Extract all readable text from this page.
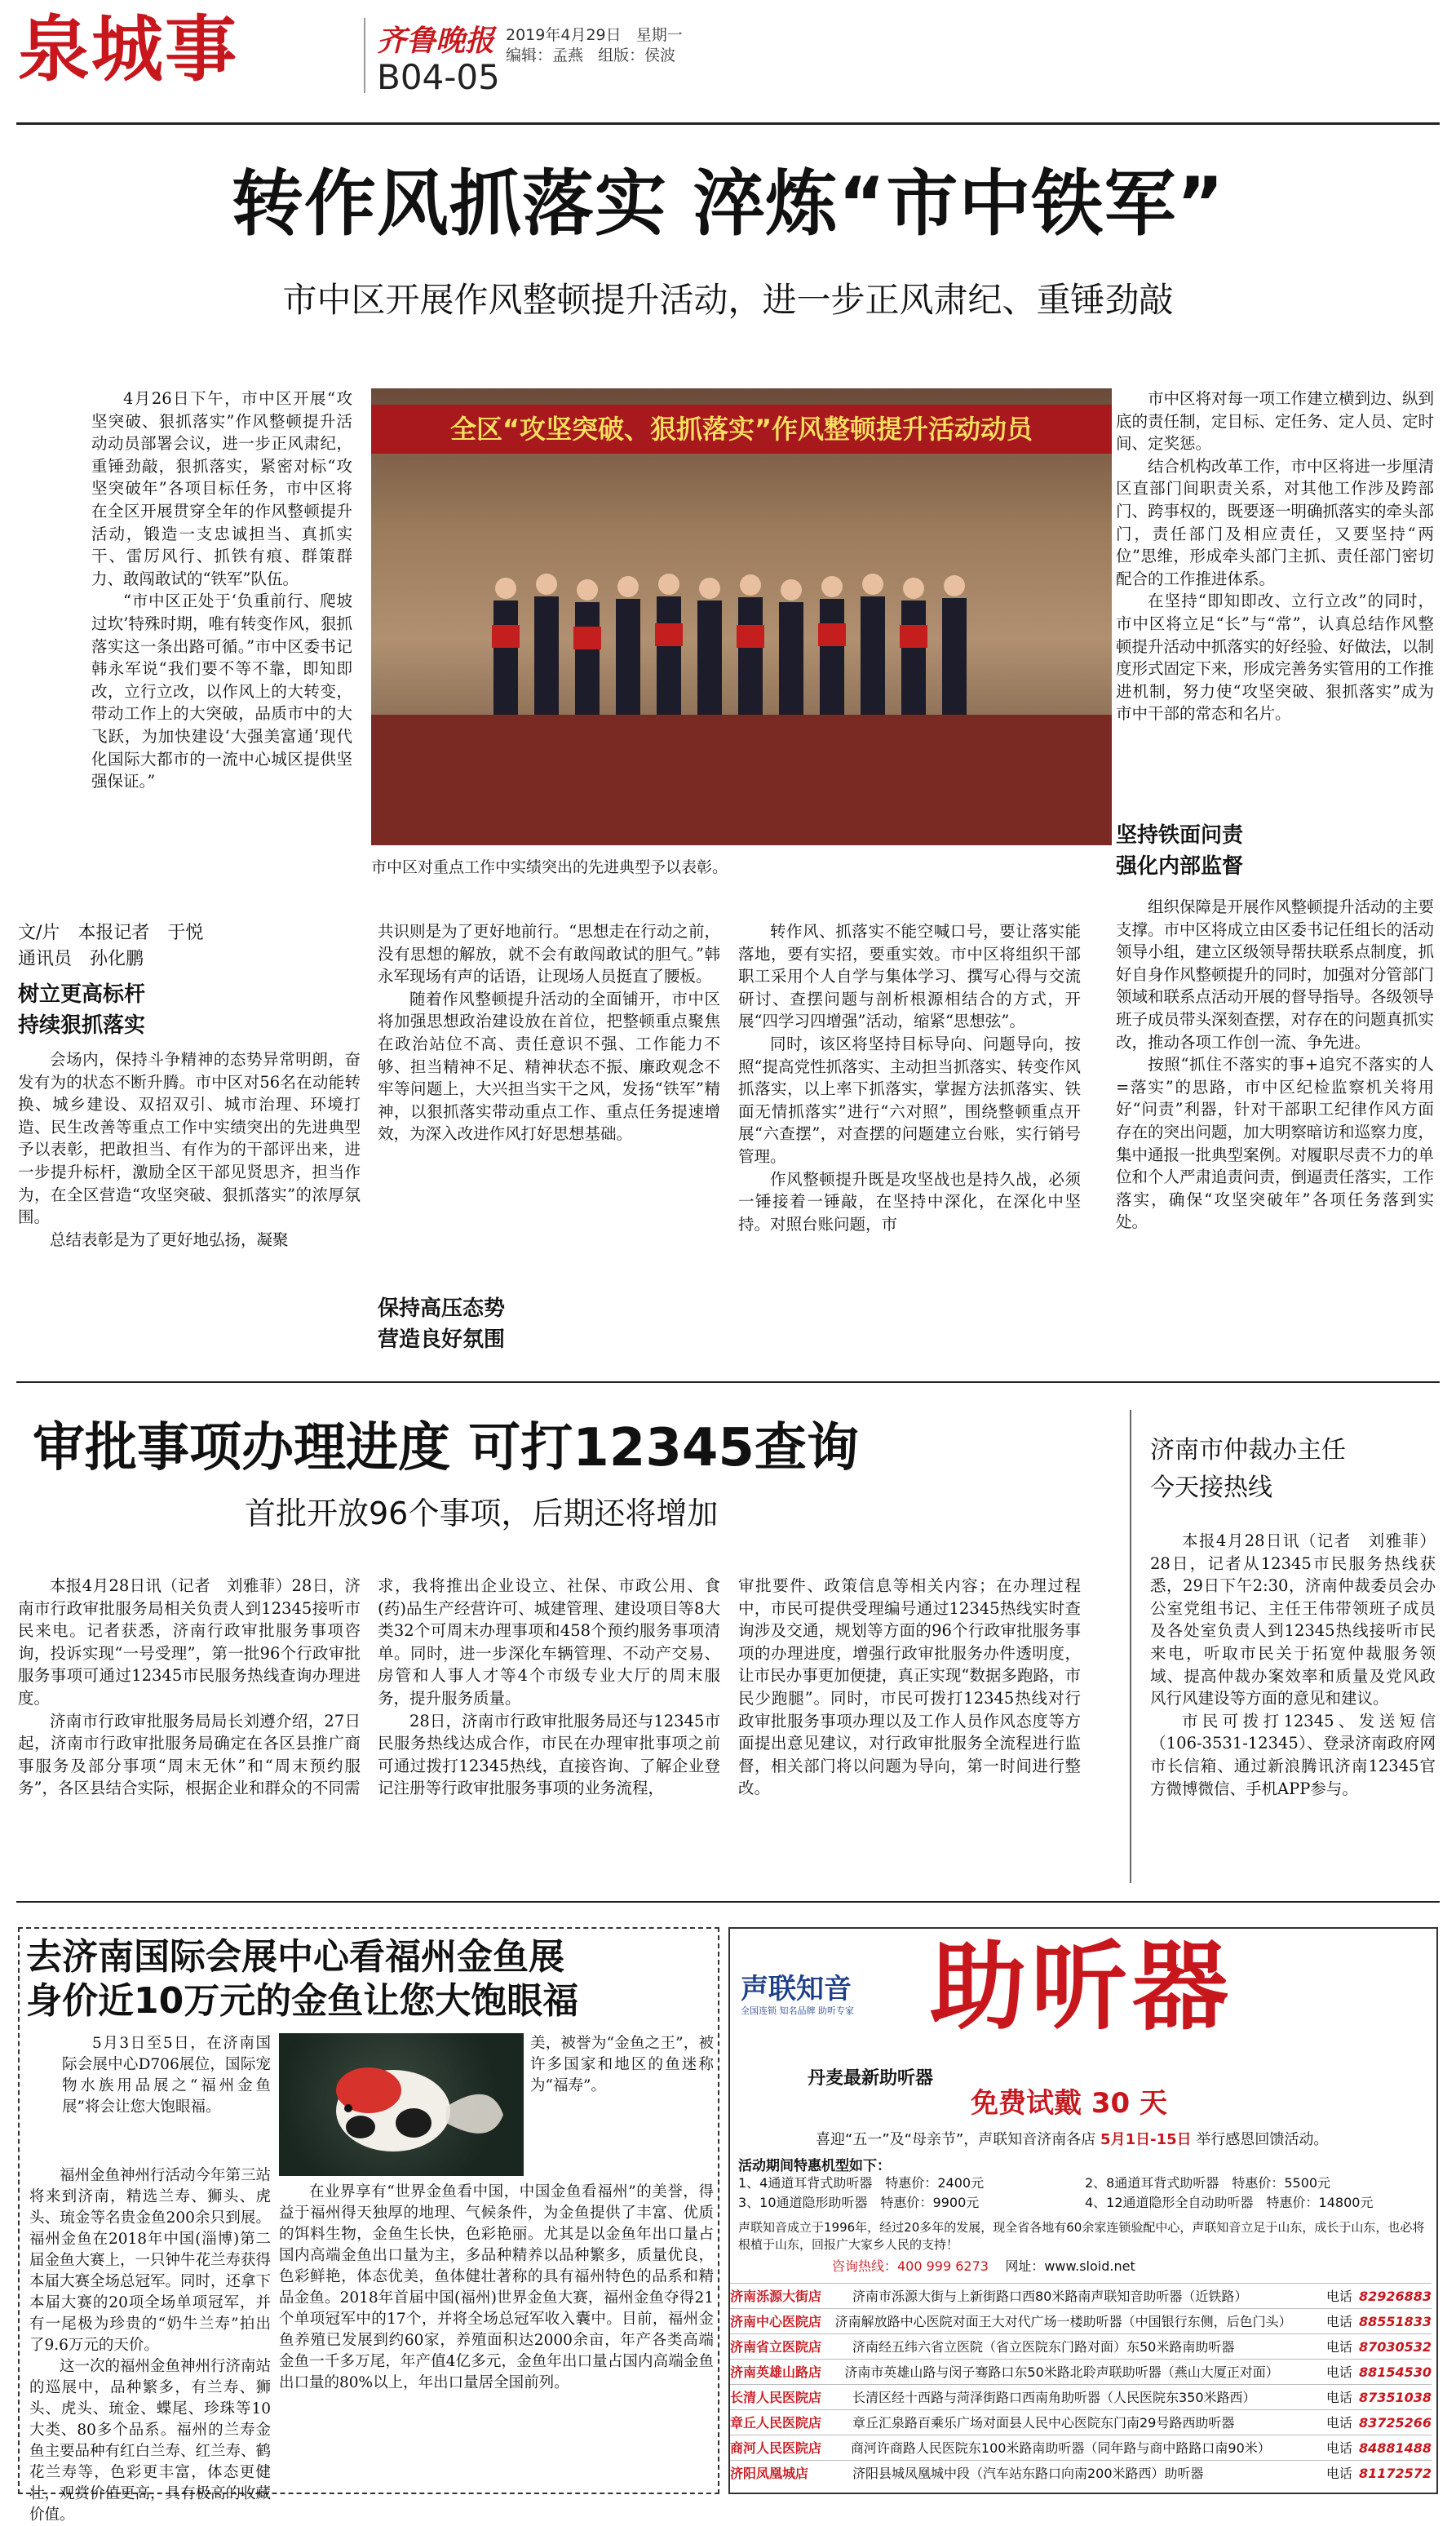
泉城事	齐鲁晚报 2019年4月29日 星期一
编辑：孟燕 组版：侯波
B04-05
转作风抓落实 淬炼“市中铁军”
市中区开展作风整顿提升活动，进一步正风肃纪、重锤劲敲

4月26日下午，市中区开展“攻坚突破、狠抓落实”作风整顿提升活动动员部署会议，进一步正风肃纪，重锤劲敲，狠抓落实，紧密对标“攻坚突破年”各项目标任务，市中区将在全区开展贯穿全年的作风整顿提升活动，锻造一支忠诚担当、真抓实干、雷厉风行、抓铁有痕、群策群力、敢闯敢试的“铁军”队伍。

“市中区正处于‘负重前行、爬坡过坎’特殊时期，唯有转变作风，狠抓落实这一条出路可循。”市中区委书记韩永军说“我们要不等不靠，即知即改，立行立改，以作风上的大转变，带动工作上的大突破，品质市中的大飞跃，为加快建设‘大强美富通’现代化国际大都市的一流中心城区提供坚强保证。”

全区“攻坚突破、狠抓落实”作风整顿提升活动动员
市中区对重点工作中实绩突出的先进典型予以表彰。

市中区将对每一项工作建立横到边、纵到底的责任制，定目标、定任务、定人员、定时间、定奖惩。

结合机构改革工作，市中区将进一步厘清区直部门间职责关系，对其他工作涉及跨部门、跨事权的，既要逐一明确抓落实的牵头部门，责任部门及相应责任，又要坚持“两位”思维，形成牵头部门主抓、责任部门密切配合的工作推进体系。

在坚持“即知即改、立行立改”的同时，市中区将立足“长”与“常”，认真总结作风整顿提升活动中抓落实的好经验、好做法，以制度形式固定下来，形成完善务实管用的工作推进机制，努力使“攻坚突破、狠抓落实”成为市中干部的常态和名片。

坚持铁面问责
强化内部监督
文/片　本报记者　于悦
通讯员　孙化鹏
树立更高标杆
持续狠抓落实

会场内，保持斗争精神的态势异常明朗，奋发有为的状态不断升腾。市中区对56名在动能转换、城乡建设、双招双引、城市治理、环境打造、民生改善等重点工作中实绩突出的先进典型予以表彰，把敢担当、有作为的干部评出来，进一步提升标杆，激励全区干部见贤思齐，担当作为，在全区营造“攻坚突破、狠抓落实”的浓厚氛围。

总结表彰是为了更好地弘扬，凝聚

共识则是为了更好地前行。“思想走在行动之前，没有思想的解放，就不会有敢闯敢试的胆气。”韩永军现场有声的话语，让现场人员挺直了腰板。

随着作风整顿提升活动的全面铺开，市中区将加强思想政治建设放在首位，把整顿重点聚焦在政治站位不高、责任意识不强、工作能力不够、担当精神不足、精神状态不振、廉政观念不牢等问题上，大兴担当实干之风，发扬“铁军”精神，以狠抓落实带动重点工作、重点任务提速增效，为深入改进作风打好思想基础。

保持高压态势
营造良好氛围

转作风、抓落实不能空喊口号，要让落实能落地，要有实招，要重实效。市中区将组织干部职工采用个人自学与集体学习、撰写心得与交流研讨、查摆问题与剖析根源相结合的方式，开展“四学习四增强”活动，缩紧“思想弦”。

同时，该区将坚持目标导向、问题导向，按照“提高党性抓落实、主动担当抓落实、转变作风抓落实，以上率下抓落实，掌握方法抓落实、铁面无情抓落实”进行“六对照”，围绕整顿重点开展“六查摆”，对查摆的问题建立台账，实行销号管理。

作风整顿提升既是攻坚战也是持久战，必须一锤接着一锤敲，在坚持中深化，在深化中坚持。对照台账问题，市

组织保障是开展作风整顿提升活动的主要支撑。市中区将成立由区委书记任组长的活动领导小组，建立区级领导帮扶联系点制度，抓好自身作风整顿提升的同时，加强对分管部门领域和联系点活动开展的督导指导。各级领导班子成员带头深刻查摆，对存在的问题真抓实改，推动各项工作创一流、争先进。

按照“抓住不落实的事+追究不落实的人=落实”的思路，市中区纪检监察机关将用好“问责”利器，针对干部职工纪律作风方面存在的突出问题，加大明察暗访和巡察力度，集中通报一批典型案例。对履职尽责不力的单位和个人严肃追责问责，倒逼责任落实，工作落实，确保“攻坚突破年”各项任务落到实处。

审批事项办理进度 可打12345查询
首批开放96个事项，后期还将增加

本报4月28日讯（记者　刘雅菲）28日，济南市行政审批服务局相关负责人到12345接听市民来电。记者获悉，济南行政审批服务事项咨询，投诉实现“一号受理”，第一批96个行政审批服务事项可通过12345市民服务热线查询办理进度。

济南市行政审批服务局局长刘遵介绍，27日起，济南市行政审批服务局确定在各区县推广商事服务及部分事项“周末无休”和“周末预约服务”，各区县结合实际，根据企业和群众的不同需

求，我将推出企业设立、社保、市政公用、食(药)品生产经营许可、城建管理、建设项目等8大类32个可周末办理事项和458个预约服务事项清单。同时，进一步深化车辆管理、不动产交易、房管和人事人才等4个市级专业大厅的周末服务，提升服务质量。

28日，济南市行政审批服务局还与12345市民服务热线达成合作，市民在办理审批事项之前可通过拨打12345热线，直接咨询、了解企业登记注册等行政审批服务事项的业务流程，

审批要件、政策信息等相关内容；在办理过程中，市民可提供受理编号通过12345热线实时查询涉及交通，规划等方面的96个行政审批服务事项的办理进度，增强行政审批服务办件透明度，让市民办事更加便捷，真正实现“数据多跑路，市民少跑腿”。同时，市民可拨打12345热线对行政审批服务事项办理以及工作人员作风态度等方面提出意见建议，对行政审批服务全流程进行监督，相关部门将以问题为导向，第一时间进行整改。

济南市仲裁办主任
今天接热线

本报4月28日讯（记者　刘雅菲）28日，记者从12345市民服务热线获悉，29日下午2:30，济南仲裁委员会办公室党组书记、主任王伟带领班子成员及各处室负责人到12345热线接听市民来电，听取市民关于拓宽仲裁服务领域、提高仲裁办案效率和质量及党风政风行风建设等方面的意见和建议。

市民可拨打12345、发送短信（106-3531-12345）、登录济南政府网市长信箱、通过新浪腾讯济南12345官方微博微信、手机APP参与。

去济南国际会展中心看福州金鱼展
身价近10万元的金鱼让您大饱眼福

5月3日至5日，在济南国际会展中心D706展位，国际宠物水族用品展之“福州金鱼展”将会让您大饱眼福。

福州金鱼神州行活动今年第三站将来到济南，精选兰寿、狮头、虎头、琉金等名贵金鱼200余只到展。福州金鱼在2018年中国(淄博)第二届金鱼大赛上，一只钟牛花兰寿获得本届大赛全场总冠军。同时，还拿下本届大赛的20项全场单项冠军，并有一尾极为珍贵的“奶牛兰寿”拍出了9.6万元的天价。

这一次的福州金鱼神州行济南站的巡展中，品种繁多，有兰寿、狮头、虎头、琉金、蝶尾、珍珠等10大类、80多个品系。福州的兰寿金鱼主要品种有红白兰寿、红兰寿、鹤花兰寿等，色彩更丰富，体态更健壮，观赏价值更高，具有极高的收藏价值。

美，被誉为“金鱼之王”，被许多国家和地区的鱼迷称为“福寿”。

在业界享有“世界金鱼看中国，中国金鱼看福州”的美誉，得益于福州得天独厚的地理、气候条件，为金鱼提供了丰富、优质的饵料生物，金鱼生长快，色彩艳丽。尤其是以金鱼年出口量占国内高端金鱼出口量为主，多品种精养以品种繁多，质量优良，色彩鲜艳，体态优美，鱼体健壮著称的具有福州特色的品系和精品金鱼。2018年首届中国(福州)世界金鱼大赛，福州金鱼夺得21个单项冠军中的17个，并将全场总冠军收入囊中。目前，福州金鱼养殖已发展到约60家，养殖面积达2000余亩，年产各类高端金鱼一千多万尾，年产值4亿多元，金鱼年出口量占国内高端金鱼出口量的80%以上，年出口量居全国前列。

声联知音
全国连锁 知名品牌 助听专家 助听器
丹麦最新助听器
免费试戴 30 天
喜迎“五一”及“母亲节”，声联知音济南各店 5月1日-15日 举行感恩回馈活动。
活动期间特惠机型如下：
1、4通道耳背式助听器　特惠价：2400元	2、8通道耳背式助听器　特惠价：5500元
3、10通道隐形助听器　特惠价：9900元	4、12通道隐形全自动助听器　特惠价：14800元
声联知音成立于1996年，经过20多年的发展，现全省各地有60余家连锁验配中心，声联知音立足于山东，成长于山东，也必将根植于山东，回报广大家乡人民的支持！
咨询热线：400 999 6273 网址：www.sloid.net
济南泺源大街店	济南市泺源大街与上新街路口西80米路南声联知音助听器（近铁路）	电话 82926883
济南中心医院店	济南解放路中心医院对面王大对代广场一楼助听器（中国银行东侧，后色门头）	电话 88551833
济南省立医院店	济南经五纬六省立医院（省立医院东门路对面）东50米路南助听器	电话 87030532
济南英雄山路店	济南市英雄山路与闵子骞路口东50米路北聆声联助听器（燕山大厦正对面）	电话 88154530
长清人民医院店	长清区经十西路与菏泽街路口西南角助听器（人民医院东350米路西）	电话 87351038
章丘人民医院店	章丘汇泉路百乘乐广场对面县人民中心医院东门南29号路西助听器	电话 83725266
商河人民医院店	商河许商路人民医院东100米路南助听器（同年路与商中路路口南90米）	电话 84881488
济阳凤凰城店	济阳县城凤凰城中段（汽车站东路口向南200米路西）助听器	电话 81172572
